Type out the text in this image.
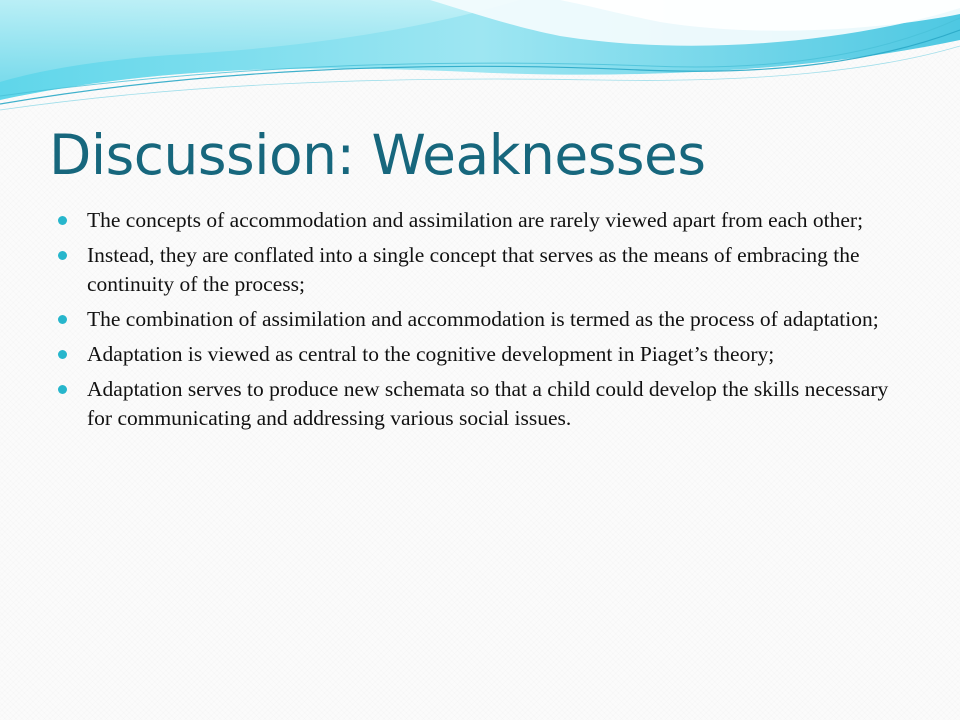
Discussion: Weaknesses
The concepts of accommodation and assimilation are rarely viewed apart from each other;
Instead, they are conflated into a single concept that serves as the means of embracing the continuity of the process;
The combination of assimilation and accommodation is termed as the process of adaptation;
Adaptation is viewed as central to the cognitive development in Piaget’s theory;
Adaptation serves to produce new schemata so that a child could develop the skills necessary for communicating and addressing various social issues.
